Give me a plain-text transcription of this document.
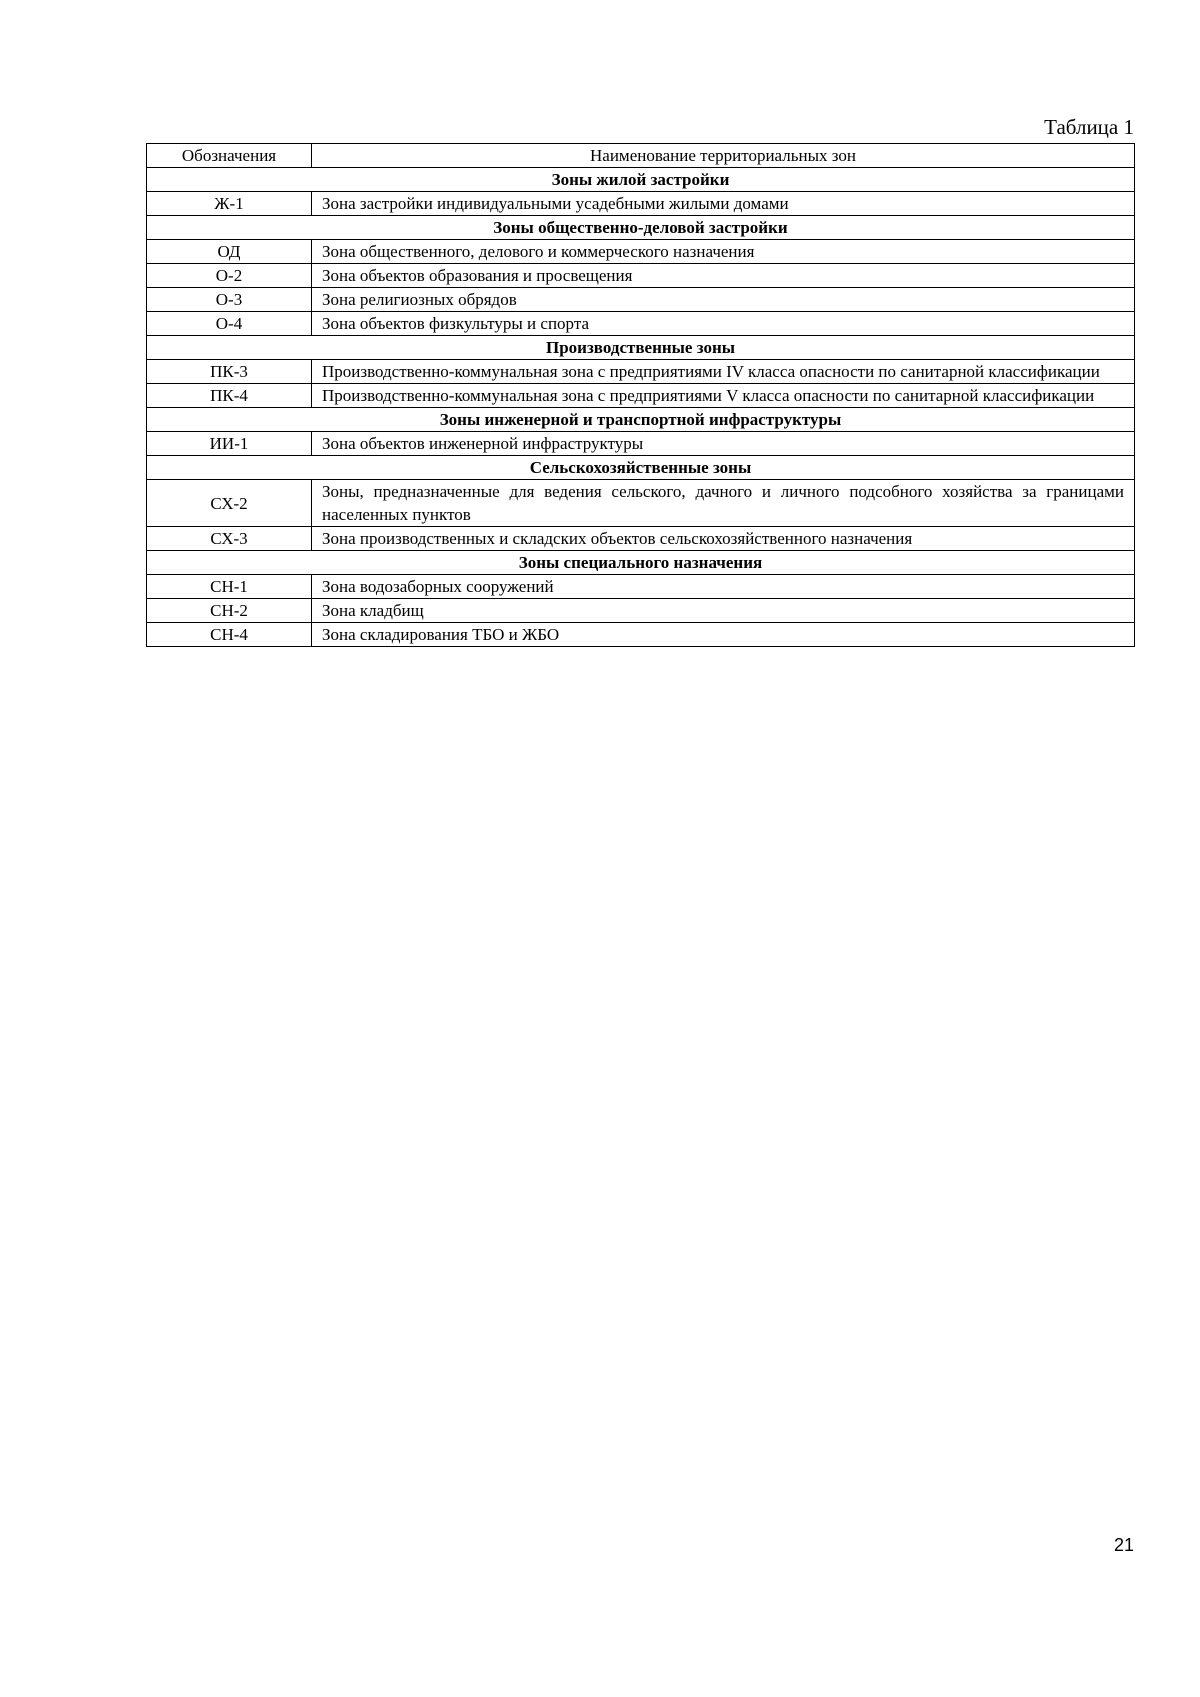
Таблица 1
Обозначения	Наименование территориальных зон
Зоны жилой застройки	
Ж-1	Зона застройки индивидуальными усадебными жилыми домами
Зоны общественно-деловой застройки	
ОД	Зона общественного, делового и коммерческого назначения
О-2	Зона объектов образования и просвещения
О-3	Зона религиозных обрядов
О-4	Зона объектов физкультуры и спорта
Производственные зоны	
ПК-3	Производственно-коммунальная зона с предприятиями IV класса опасности по санитарной классификации
ПК-4	Производственно-коммунальная зона с предприятиями V класса опасности по санитарной классификации
Зоны инженерной и транспортной инфраструктуры	
ИИ-1	Зона объектов инженерной инфраструктуры
Сельскохозяйственные зоны	
СХ-2	Зоны, предназначенные для ведения сельского, дачного и личного подсобного хозяйства за границами населенных пунктов
СХ-3	Зона производственных и складских объектов сельскохозяйственного назначения
Зоны специального назначения	
СН-1	Зона водозаборных сооружений
СН-2	Зона кладбищ
СН-4	Зона складирования ТБО и ЖБО
21
